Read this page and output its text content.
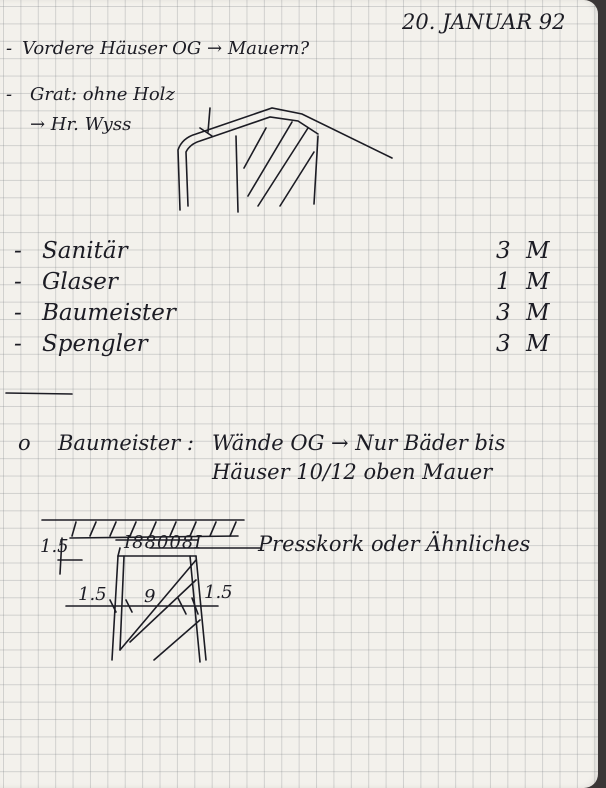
20. JANUAR 92
- Vordere Häuser OG → Mauern?
- Grat: ohne Holz
→ Hr. Wyss
- Sanitär	3 M
- Glaser	1 M
- Baumeister	3 M
- Spengler	3 M
o Baumeister : Wände OG → Nur Bäder bis
Häuser 10/12 oben Mauer
1.5	I88008I	Presskork oder Ähnliches
1.5 9	1.5
